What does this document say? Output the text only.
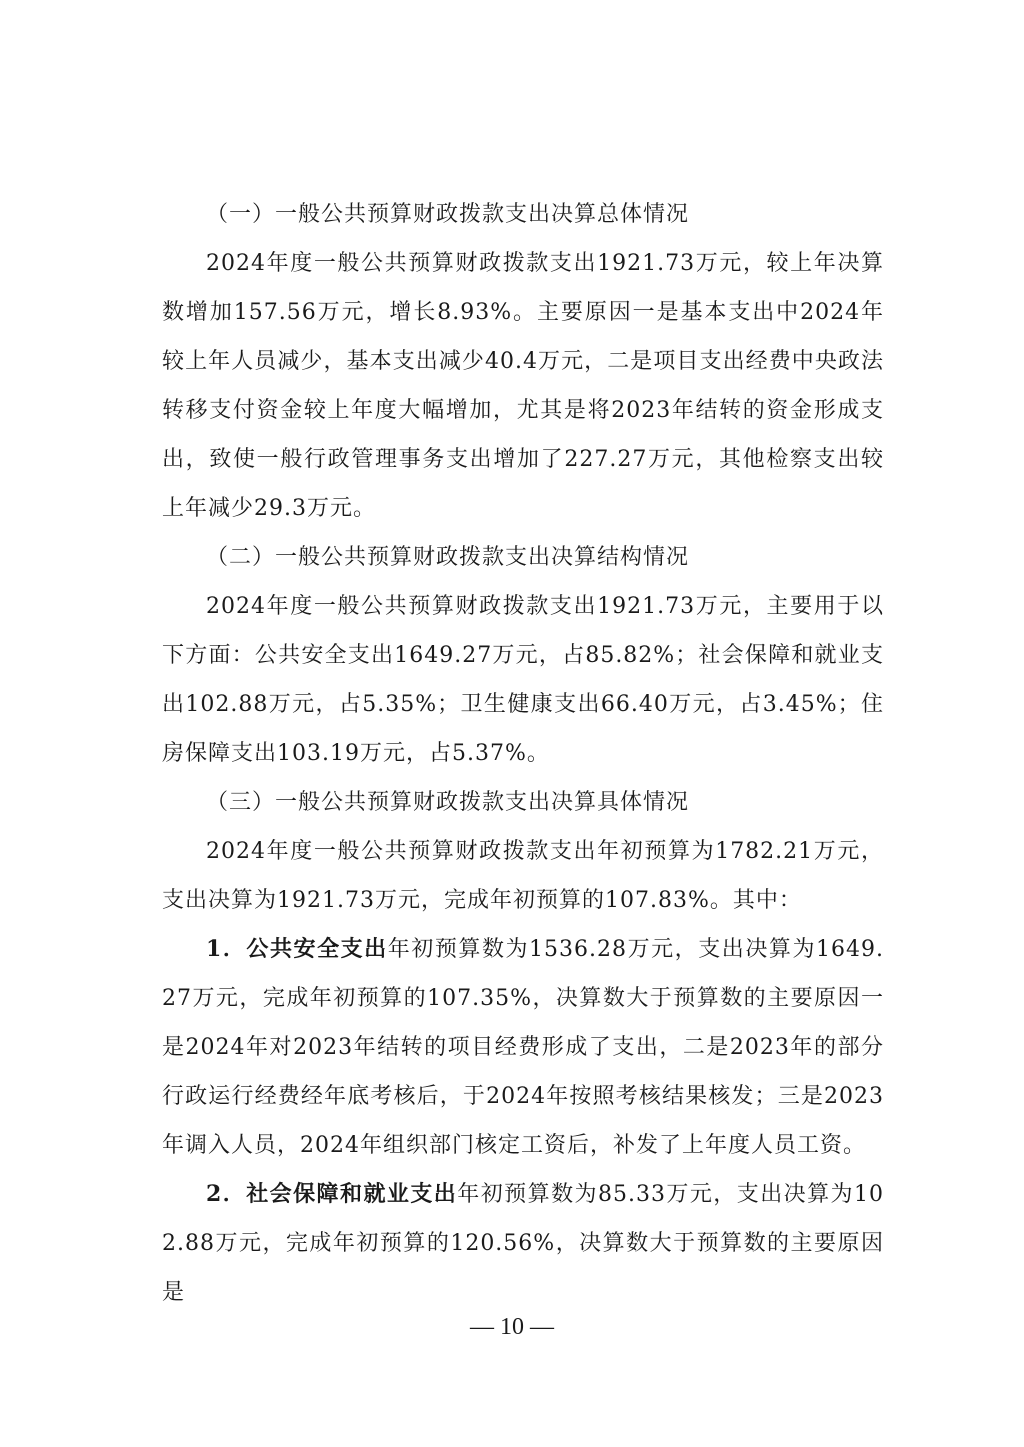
（一）一般公共预算财政拨款支出决算总体情况

2024年度一般公共预算财政拨款支出1921.73万元，较上年决算数增加157.56万元，增长8.93%。主要原因一是基本支出中2024年较上年人员减少，基本支出减少40.4万元，二是项目支出经费中央政法转移支付资金较上年度大幅增加，尤其是将2023年结转的资金形成支出，致使一般行政管理事务支出增加了227.27万元，其他检察支出较上年减少29.3万元。

（二）一般公共预算财政拨款支出决算结构情况

2024年度一般公共预算财政拨款支出1921.73万元，主要用于以下方面：公共安全支出1649.27万元，占85.82%；社会保障和就业支出102.88万元，占5.35%；卫生健康支出66.40万元，占3.45%；住房保障支出103.19万元，占5.37%。

（三）一般公共预算财政拨款支出决算具体情况

2024年度一般公共预算财政拨款支出年初预算为1782.21万元，支出决算为1921.73万元，完成年初预算的107.83%。其中：

1．公共安全支出年初预算数为1536.28万元，支出决算为1649.27万元，完成年初预算的107.35%，决算数大于预算数的主要原因一是2024年对2023年结转的项目经费形成了支出，二是2023年的部分行政运行经费经年底考核后，于2024年按照考核结果核发；三是2023年调入人员，2024年组织部门核定工资后，补发了上年度人员工资。

2．社会保障和就业支出年初预算数为85.33万元，支出决算为102.88万元，完成年初预算的120.56%，决算数大于预算数的主要原因是

— 10 —
